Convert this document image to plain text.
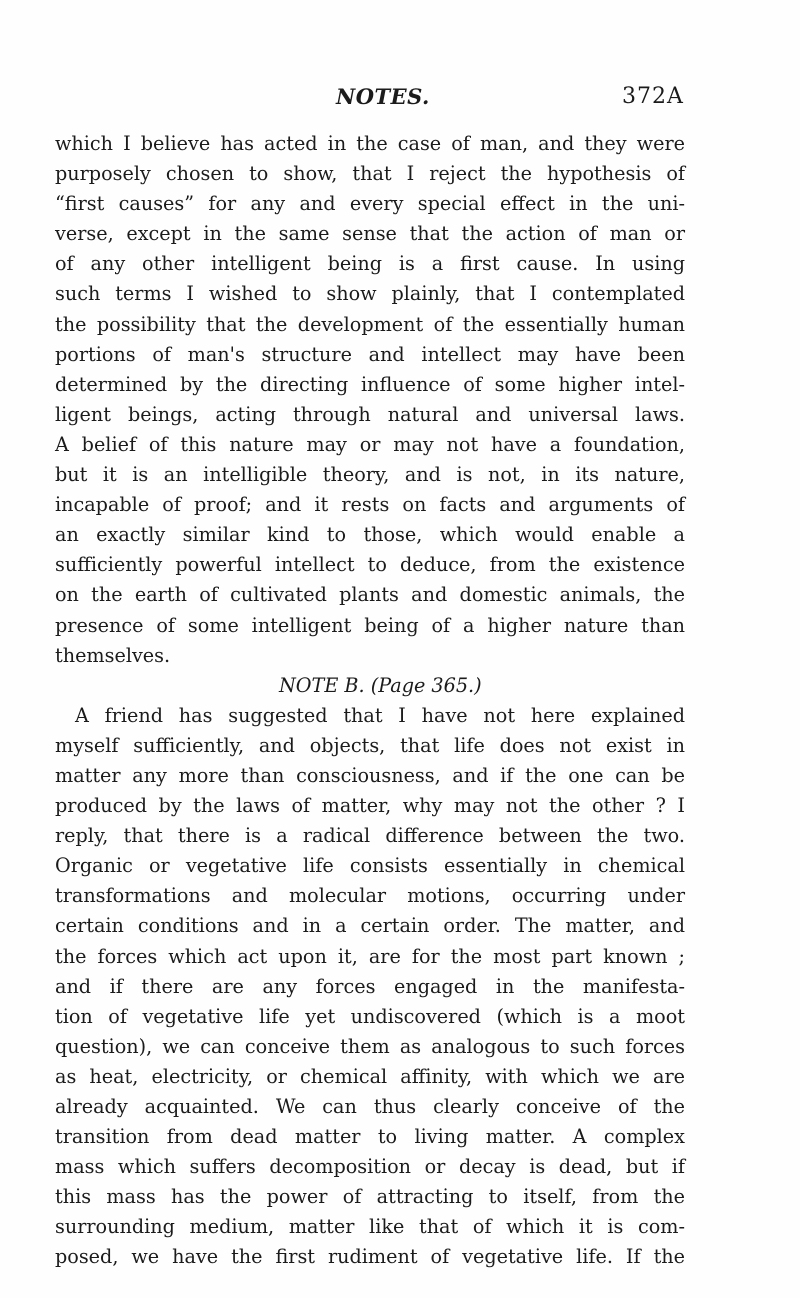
NOTES.	372A
which I believe has acted in the case of man, and they were
purposely chosen to show, that I reject the hypothesis of
“first causes” for any and every special effect in the uni-
verse, except in the same sense that the action of man or
of any other intelligent being is a first cause. In using
such terms I wished to show plainly, that I contemplated
the possibility that the development of the essentially human
portions of man's structure and intellect may have been
determined by the directing influence of some higher intel-
ligent beings, acting through natural and universal laws.
A belief of this nature may or may not have a foundation,
but it is an intelligible theory, and is not, in its nature,
incapable of proof; and it rests on facts and arguments of
an exactly similar kind to those, which would enable a
sufficiently powerful intellect to deduce, from the existence
on the earth of cultivated plants and domestic animals, the
presence of some intelligent being of a higher nature than
themselves.
NOTE B. (Page 365.)
A friend has suggested that I have not here explained
myself sufficiently, and objects, that life does not exist in
matter any more than consciousness, and if the one can be
produced by the laws of matter, why may not the other ? I
reply, that there is a radical difference between the two.
Organic or vegetative life consists essentially in chemical
transformations and molecular motions, occurring under
certain conditions and in a certain order. The matter, and
the forces which act upon it, are for the most part known ;
and if there are any forces engaged in the manifesta-
tion of vegetative life yet undiscovered (which is a moot
question), we can conceive them as analogous to such forces
as heat, electricity, or chemical affinity, with which we are
already acquainted. We can thus clearly conceive of the
transition from dead matter to living matter. A complex
mass which suffers decomposition or decay is dead, but if
this mass has the power of attracting to itself, from the
surrounding medium, matter like that of which it is com-
posed, we have the first rudiment of vegetative life. If the
